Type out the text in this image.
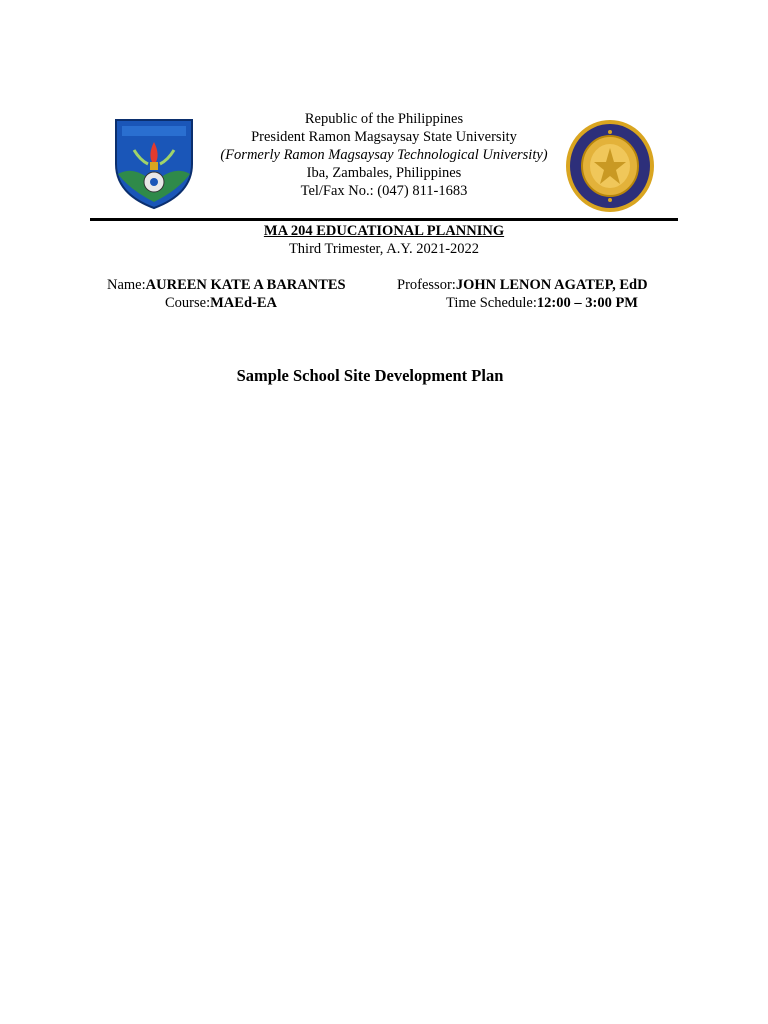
Republic of the Philippines
President Ramon Magsaysay State University
(Formerly Ramon Magsaysay Technological University)
Iba, Zambales, Philippines
Tel/Fax No.: (047) 811-1683
MA 204 EDUCATIONAL PLANNING
Third Trimester, A.Y. 2021-2022
Name:AUREEN KATE A BARANTES	Professor:JOHN LENON AGATEP, EdD
Course:MAEd-EA	Time Schedule:12:00 – 3:00 PM
Sample School Site Development Plan
